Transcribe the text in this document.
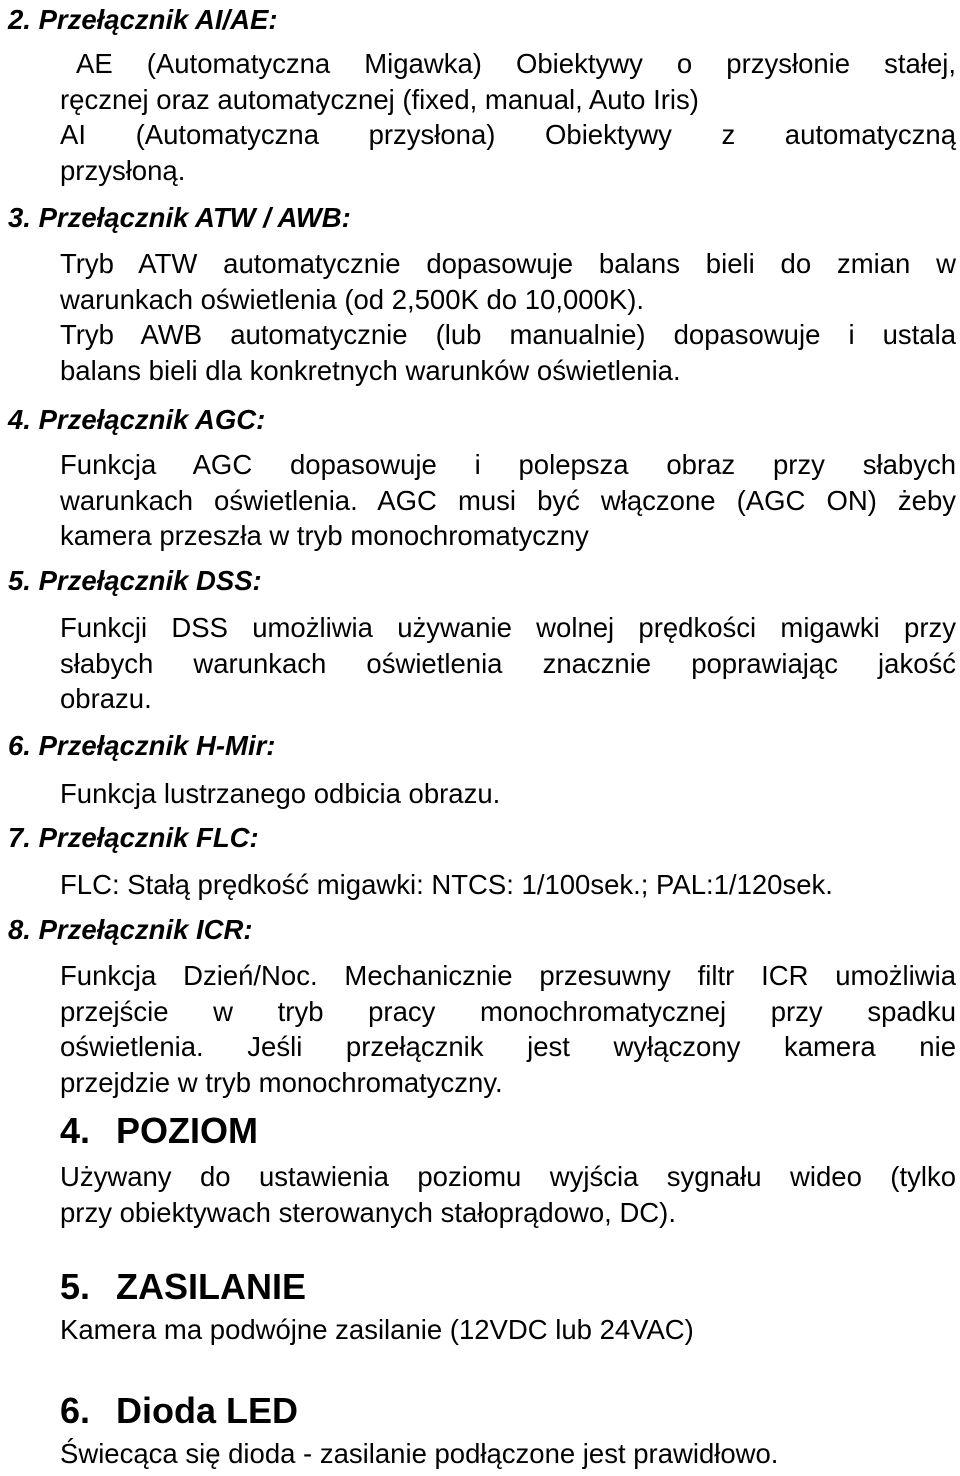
2. Przełącznik AI/AE:
AE (Automatyczna Migawka) Obiektywy o przysłonie stałej,
ręcznej oraz automatycznej (fixed, manual, Auto Iris)
AI (Automatyczna przysłona) Obiektywy z automatyczną
przysłoną.
3. Przełącznik ATW / AWB:
Tryb ATW automatycznie dopasowuje balans bieli do zmian w
warunkach oświetlenia (od 2,500K do 10,000K).
Tryb AWB automatycznie (lub manualnie) dopasowuje i ustala
balans bieli dla konkretnych warunków oświetlenia.
4. Przełącznik AGC:
Funkcja AGC dopasowuje i polepsza obraz przy słabych
warunkach oświetlenia. AGC musi być włączone (AGC ON) żeby
kamera przeszła w tryb monochromatyczny
5. Przełącznik DSS:
Funkcji DSS umożliwia używanie wolnej prędkości migawki przy
słabych warunkach oświetlenia znacznie poprawiając jakość
obrazu.
6. Przełącznik H-Mir:
Funkcja lustrzanego odbicia obrazu.
7. Przełącznik FLC:
FLC: Stałą prędkość migawki: NTCS: 1/100sek.; PAL:1/120sek.
8. Przełącznik ICR:
Funkcja Dzień/Noc. Mechanicznie przesuwny filtr ICR umożliwia
przejście w tryb pracy monochromatycznej przy spadku
oświetlenia. Jeśli przełącznik jest wyłączony kamera nie
przejdzie w tryb monochromatyczny.
4. POZIOM
Używany do ustawienia poziomu wyjścia sygnału wideo (tylko
przy obiektywach sterowanych stałoprądowo, DC).
5. ZASILANIE
Kamera ma podwójne zasilanie (12VDC lub 24VAC)
6. Dioda LED
Świecąca się dioda - zasilanie podłączone jest prawidłowo.
